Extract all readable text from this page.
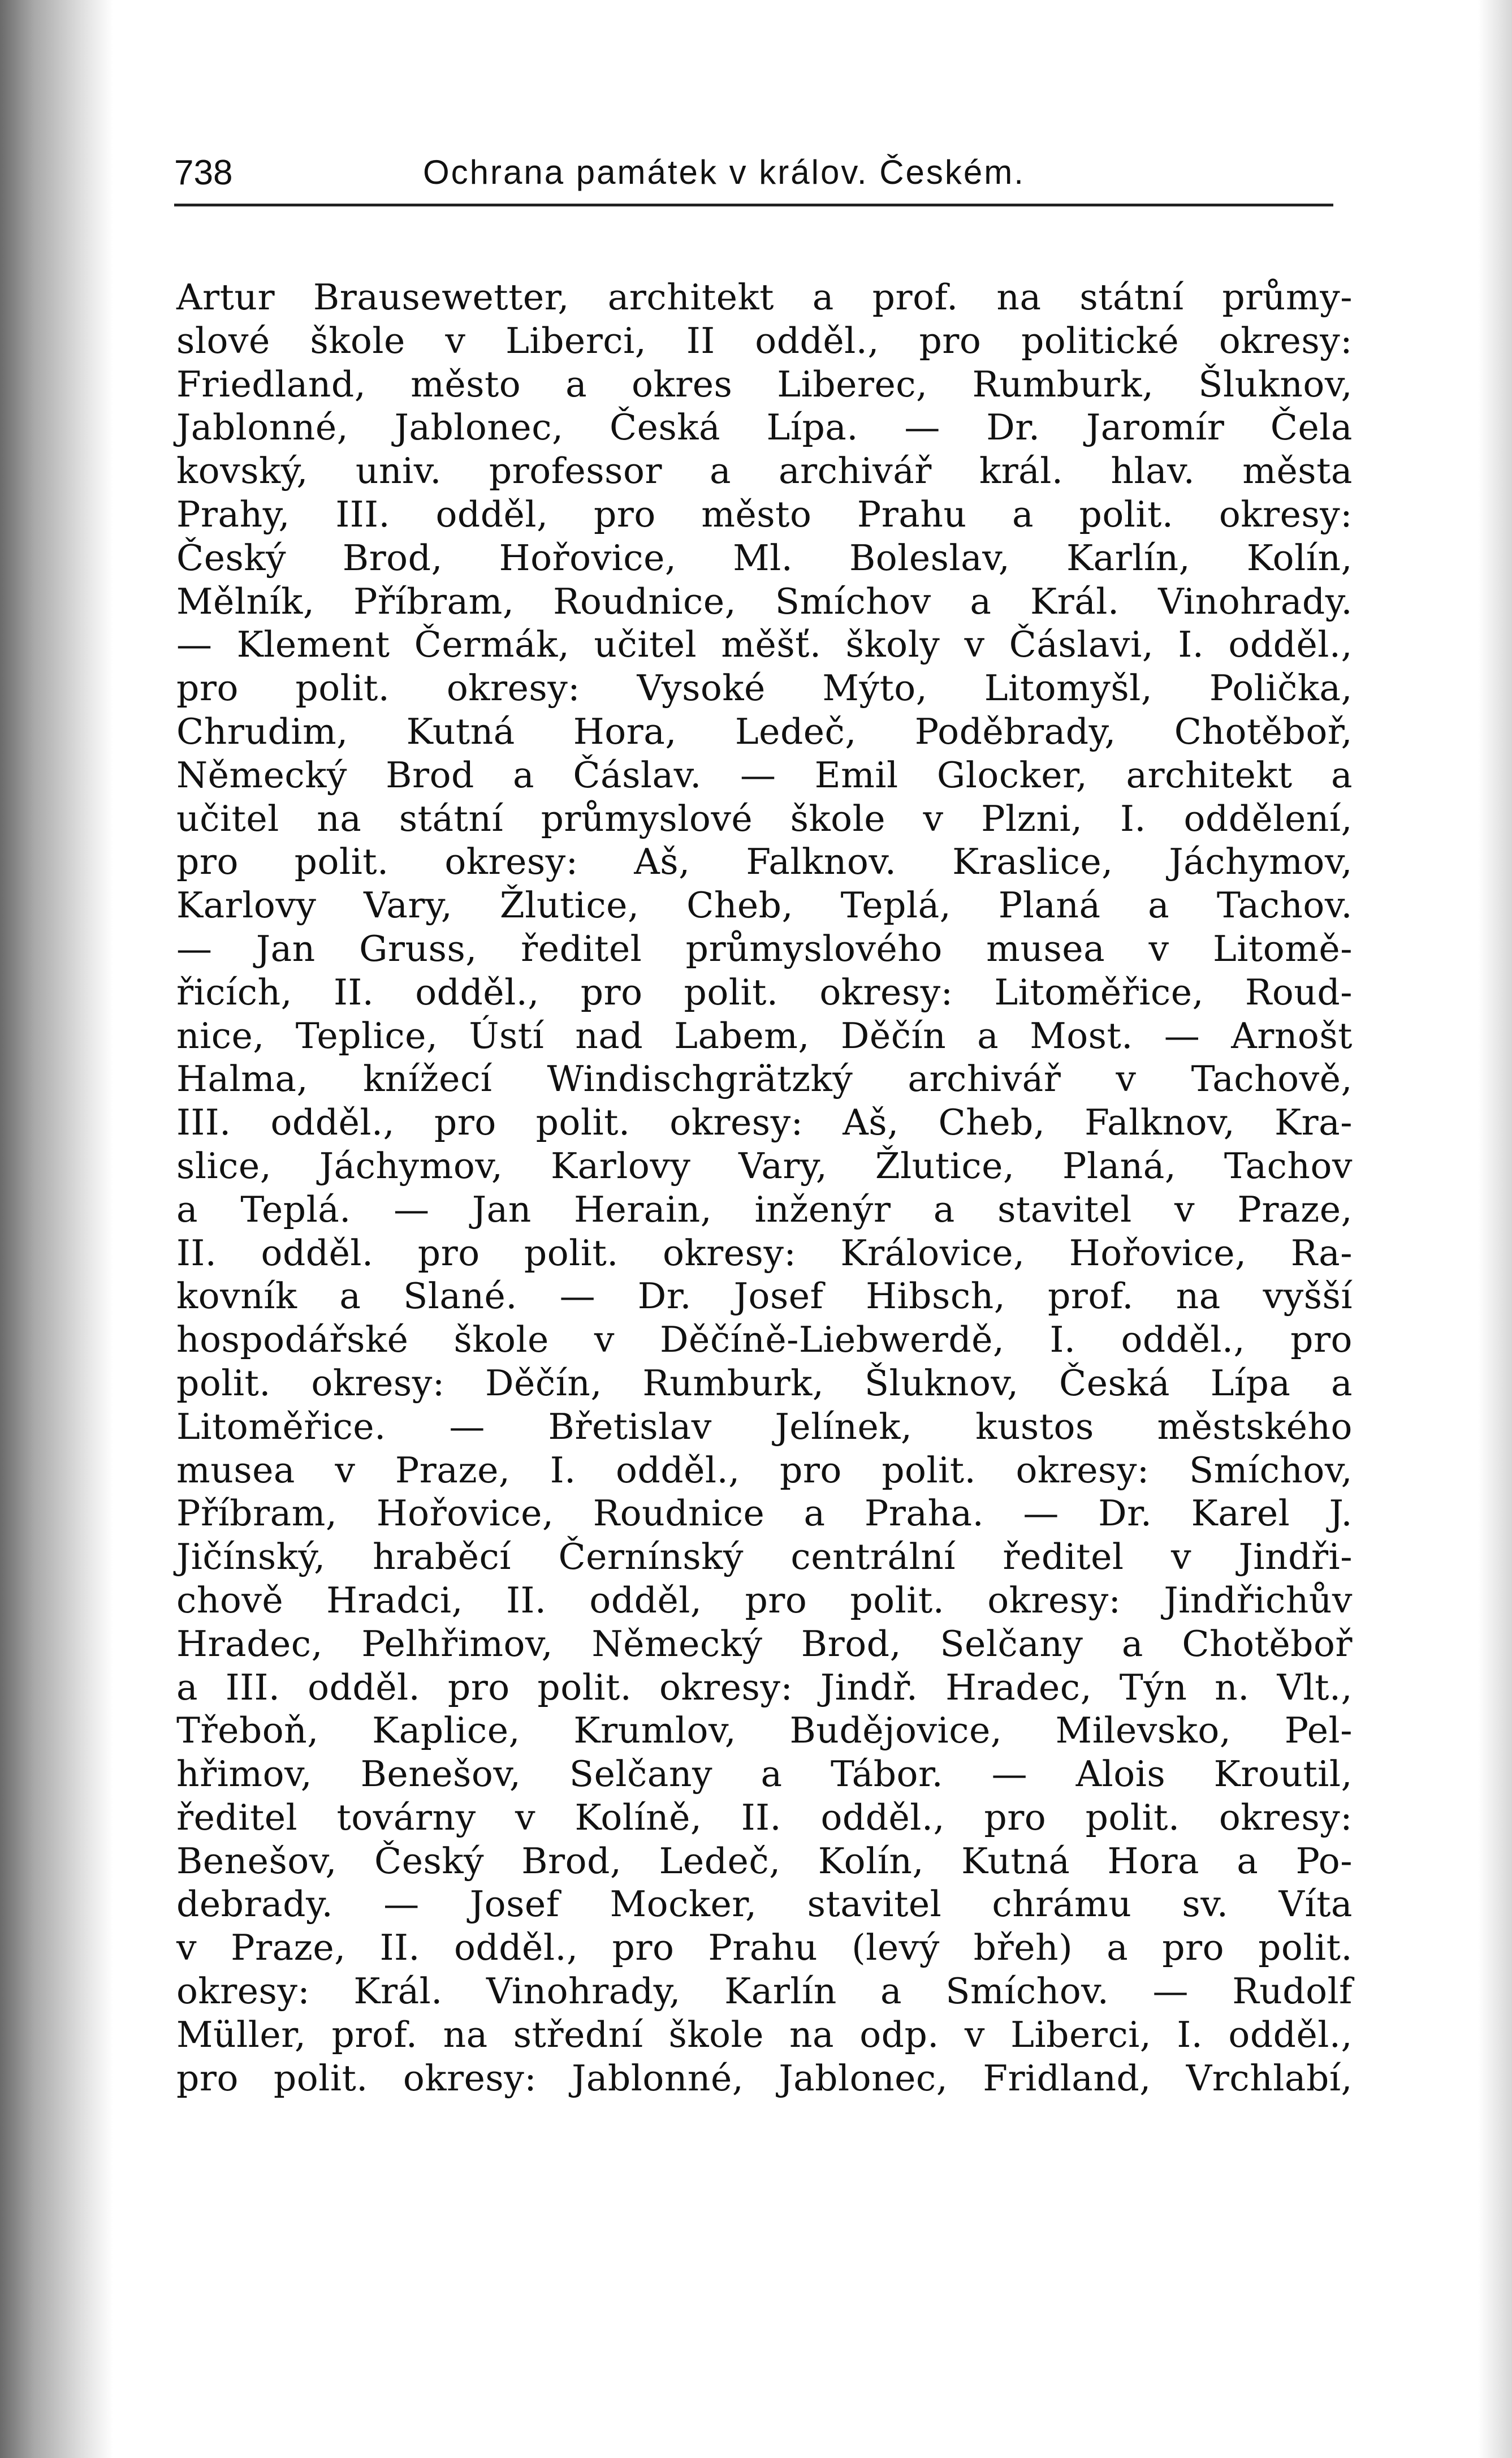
738	Ochrana památek v králov. Českém.
Artur Brausewetter, architekt a prof. na státní průmy-
slové škole v Liberci, II odděl., pro politické okresy:
Friedland, město a okres Liberec, Rumburk, Šluknov,
Jablonné, Jablonec, Česká Lípa. — Dr. Jaromír Čela
kovský, univ. professor a archivář král. hlav. města
Prahy, III. odděl, pro město Prahu a polit. okresy:
Český Brod, Hořovice, Ml. Boleslav, Karlín, Kolín,
Mělník, Příbram, Roudnice, Smíchov a Král. Vinohrady.
— Klement Čermák, učitel měšť. školy v Čáslavi, I. odděl.,
pro polit. okresy: Vysoké Mýto, Litomyšl, Polička,
Chrudim, Kutná Hora, Ledeč, Poděbrady, Chotěboř,
Německý Brod a Čáslav. — Emil Glocker, architekt a
učitel na státní průmyslové škole v Plzni, I. oddělení,
pro polit. okresy: Aš, Falknov. Kraslice, Jáchymov,
Karlovy Vary, Žlutice, Cheb, Teplá, Planá a Tachov.
— Jan Gruss, ředitel průmyslového musea v Litomě-
řicích, II. odděl., pro polit. okresy: Litoměřice, Roud-
nice, Teplice, Ústí nad Labem, Děčín a Most. — Arnošt
Halma, knížecí Windischgrätzký archivář v Tachově,
III. odděl., pro polit. okresy: Aš, Cheb, Falknov, Kra-
slice, Jáchymov, Karlovy Vary, Žlutice, Planá, Tachov
a Teplá. — Jan Herain, inženýr a stavitel v Praze,
II. odděl. pro polit. okresy: Královice, Hořovice, Ra-
kovník a Slané. — Dr. Josef Hibsch, prof. na vyšší
hospodářské škole v Děčíně-Liebwerdě, I. odděl., pro
polit. okresy: Děčín, Rumburk, Šluknov, Česká Lípa a
Litoměřice. — Břetislav Jelínek, kustos městského
musea v Praze, I. odděl., pro polit. okresy: Smíchov,
Příbram, Hořovice, Roudnice a Praha. — Dr. Karel J.
Jičínský, hraběcí Černínský centrální ředitel v Jindři-
chově Hradci, II. odděl, pro polit. okresy: Jindřichův
Hradec, Pelhřimov, Německý Brod, Selčany a Chotěboř
a III. odděl. pro polit. okresy: Jindř. Hradec, Týn n. Vlt.,
Třeboň, Kaplice, Krumlov, Budějovice, Milevsko, Pel-
hřimov, Benešov, Selčany a Tábor. — Alois Kroutil,
ředitel továrny v Kolíně, II. odděl., pro polit. okresy:
Benešov, Český Brod, Ledeč, Kolín, Kutná Hora a Po-
debrady. — Josef Mocker, stavitel chrámu sv. Víta
v Praze, II. odděl., pro Prahu (levý břeh) a pro polit.
okresy: Král. Vinohrady, Karlín a Smíchov. — Rudolf
Müller, prof. na střední škole na odp. v Liberci, I. odděl.,
pro polit. okresy: Jablonné, Jablonec, Fridland, Vrchlabí,
